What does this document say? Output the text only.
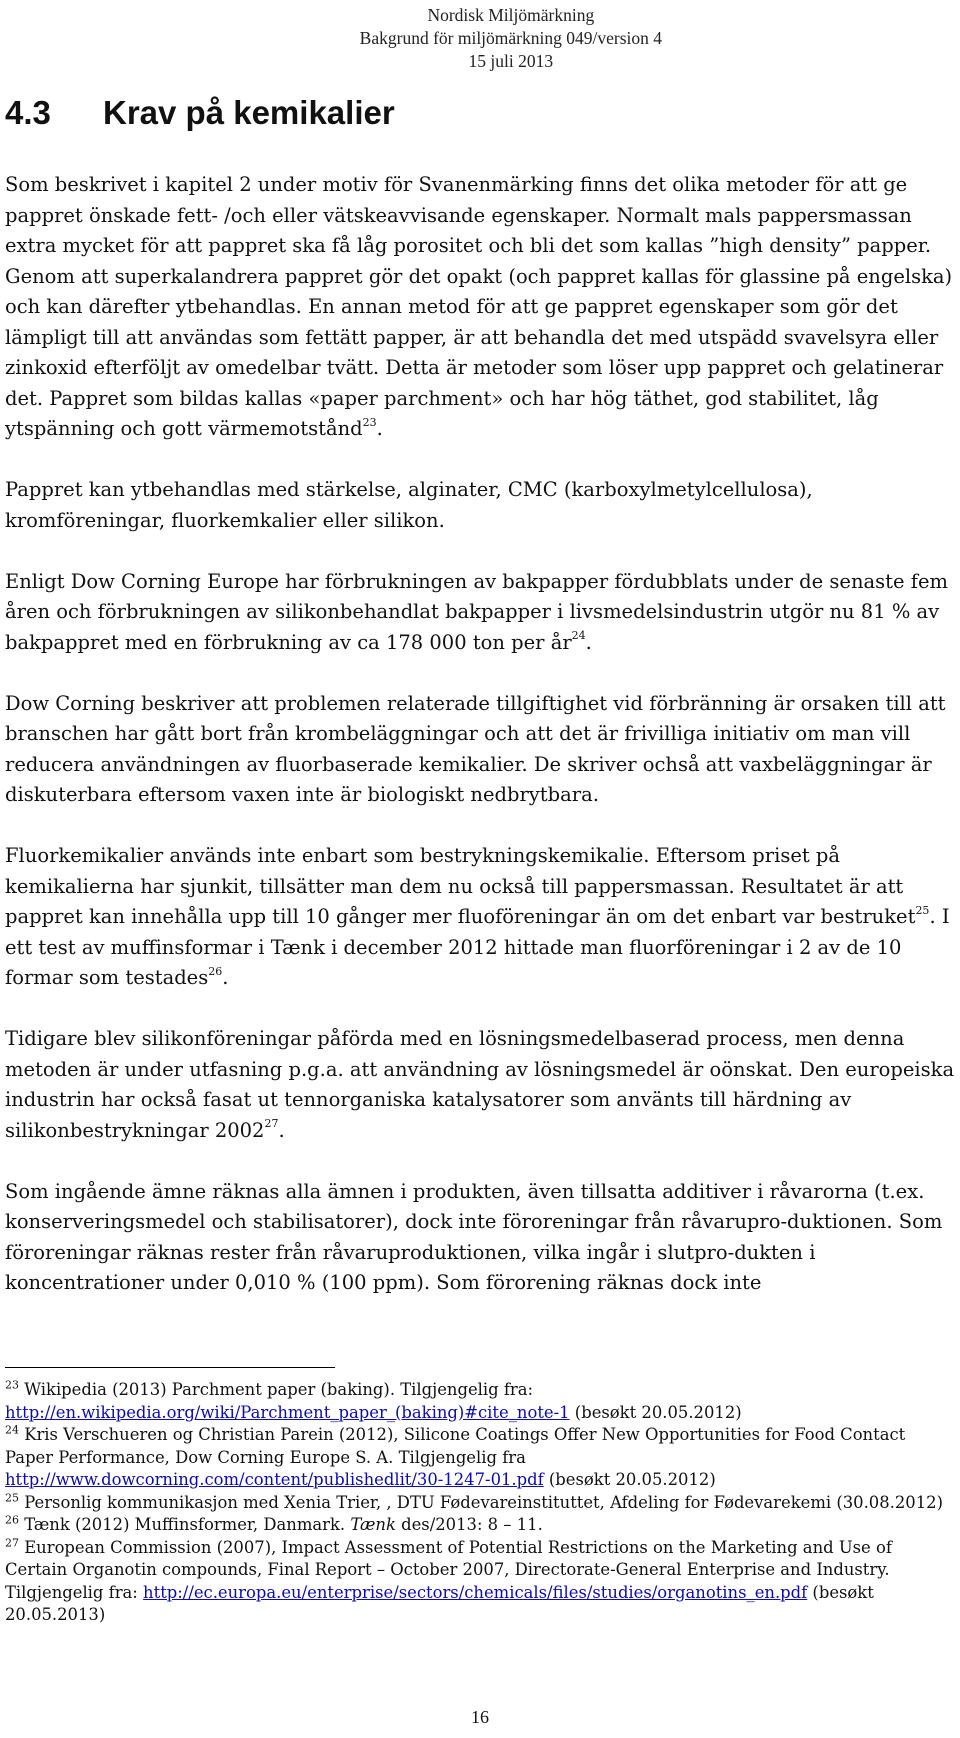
Nordisk Miljömärkning
Bakgrund för miljömärkning 049/version 4
15 juli 2013
4.3 Krav på kemikalier

Som beskrivet i kapitel 2 under motiv för Svanenmärking finns det olika metoder för att ge pappret önskade fett- /och eller vätskeavvisande egenskaper. Normalt mals pappersmassan extra mycket för att pappret ska få låg porositet och bli det som kallas ”high density” papper. Genom att superkalandrera pappret gör det opakt (och pappret kallas för glassine på engelska) och kan därefter ytbehandlas. En annan metod för att ge pappret egenskaper som gör det lämpligt till att användas som fettätt papper, är att behandla det med utspädd svavelsyra eller zinkoxid efterföljt av omedelbar tvätt. Detta är metoder som löser upp pappret och gelatinerar det. Pappret som bildas kallas «paper parchment» och har hög täthet, god stabilitet, låg ytspänning och gott värmemotstånd$^{23}$.

Pappret kan ytbehandlas med stärkelse, alginater, CMC (karboxylmetylcellulosa), kromföreningar, fluorkemkalier eller silikon.

Enligt Dow Corning Europe har förbrukningen av bakpapper fördubblats under de senaste fem åren och förbrukningen av silikonbehandlat bakpapper i livsmedelsindustrin utgör nu 81 % av bakpappret med en förbrukning av ca 178 000 ton per $år^{24}$.

Dow Corning beskriver att problemen relaterade tillgiftighet vid förbränning är orsaken till att branschen har gått bort från krombeläggningar och att det är frivilliga initiativ om man vill reducera användningen av fluorbaserade kemikalier. De skriver ochså att vaxbeläggningar är diskuterbara eftersom vaxen inte är biologiskt nedbrytbara.

Fluorkemikalier används inte enbart som bestrykningskemikalie. Eftersom priset på kemikalierna har sjunkit, tillsätter man dem nu också till pappersmassan. Resultatet är att pappret kan innehålla upp till 10 gånger mer fluoföreningar än om det enbart var bestruket$^{25}$. I ett test av muffinsformar i Tænk i december 2012 hittade man fluorföreningar i 2 av de 10 formar som testades$^{26}$.

Tidigare blev silikonföreningar påförda med en lösningsmedelbaserad process, men denna metoden är under utfasning p.g.a. att användning av lösningsmedel är oönskat. Den europeiska industrin har också fasat ut tennorganiska katalysatorer som använts till härdning av silikonbestrykningar 2002$^{27}$.

Som ingående ämne räknas alla ämnen i produkten, även tillsatta additiver i råvarorna (t.ex. konserveringsmedel och stabilisatorer), dock inte föroreningar från råvarupro-duktionen. Som föroreningar räknas rester från råvaruproduktionen, vilka ingår i slutpro-dukten i koncentrationer under 0,010 % (100 ppm). Som förorening räknas dock inte

$^{23}$ Wikipedia (2013) Parchment paper (baking). Tilgjengelig fra: http://en.wikipedia.org/wiki/Parchment_paper_(baking)#cite_note-1 (besøkt 20.05.2012)

$^{24}$ Kris Verschueren og Christian Parein (2012), Silicone Coatings Offer New Opportunities for Food Contact Paper Performance, Dow Corning Europe S. A. Tilgjengelig fra http://www.dowcorning.com/content/publishedlit/30-1247-01.pdf (besøkt 20.05.2012)

$^{25}$ Personlig kommunikasjon med Xenia Trier, , DTU Fødevareinstituttet, Afdeling for Fødevarekemi (30.08.2012)

$^{26}$ Tænk (2012) Muffinsformer, Danmark. Tænk des/2013: 8 – 11.

$^{27}$ European Commission (2007), Impact Assessment of Potential Restrictions on the Marketing and Use of Certain Organotin compounds, Final Report – October 2007, Directorate-General Enterprise and Industry. Tilgjengelig fra: http://ec.europa.eu/enterprise/sectors/chemicals/files/studies/organotins_en.pdf (besøkt 20.05.2013)

16
